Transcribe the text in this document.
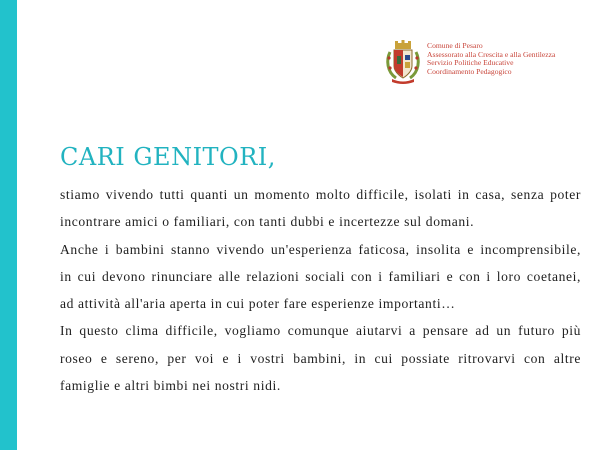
Comune di Pesaro
Assessorato alla Crescita e alla Gentilezza
Servizio Politiche Educative
Coordinamento Pedagogico
CARI GENITORI,
stiamo vivendo tutti quanti un momento molto difficile, isolati in casa, senza poter
incontrare amici o familiari, con tanti dubbi e incertezze sul domani.
Anche i bambini stanno vivendo un'esperienza faticosa, insolita e incomprensibile,
in cui devono rinunciare alle relazioni sociali con i familiari e con i loro coetanei,
ad attività all'aria aperta in cui poter fare esperienze importanti…
In questo clima difficile, vogliamo comunque aiutarvi a pensare ad un futuro più
roseo e sereno, per voi e i vostri bambini, in cui possiate ritrovarvi con altre
famiglie e altri bimbi nei nostri nidi.
